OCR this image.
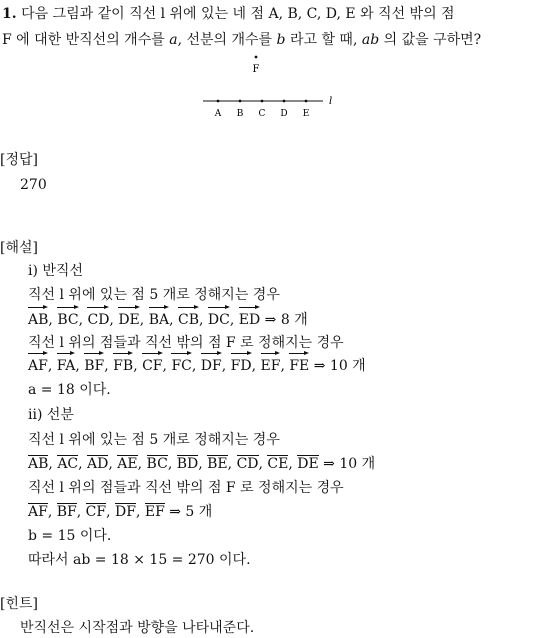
1. 다음 그림과 같이 직선 l 위에 있는 네 점 A, B, C, D, E 와 직선 밖의 점
F 에 대한 반직선의 개수를 a, 선분의 개수를 b 라고 할 때, ab 의 값을 구하면?
F
l
A B C D E
[정답]
270
[해설]
ⅰ) 반직선
직선 l 위에 있는 점 5 개로 정해지는 경우
AB,
BC,
CD,
DE,
BA,
CB,
DC,
ED ⇒ 8 개
직선 l 위의 점들과 직선 밖의 점 F 로 정해지는 경우
AF,
FA,
BF,
FB,
CF,
FC,
DF,
FD,
EF,
FE ⇒ 10 개
a = 18 이다.
ⅱ) 선분
직선 l 위에 있는 점 5 개로 정해지는 경우
AB, AC, AD, AE, BC, BD, BE, CD, CE, DE ⇒ 10 개
직선 l 위의 점들과 직선 밖의 점 F 로 정해지는 경우
AF, BF, CF, DF, EF ⇒ 5 개
b = 15 이다.
따라서 ab = 18 × 15 = 270 이다.
[힌트]
반직선은 시작점과 방향을 나타내준다.
